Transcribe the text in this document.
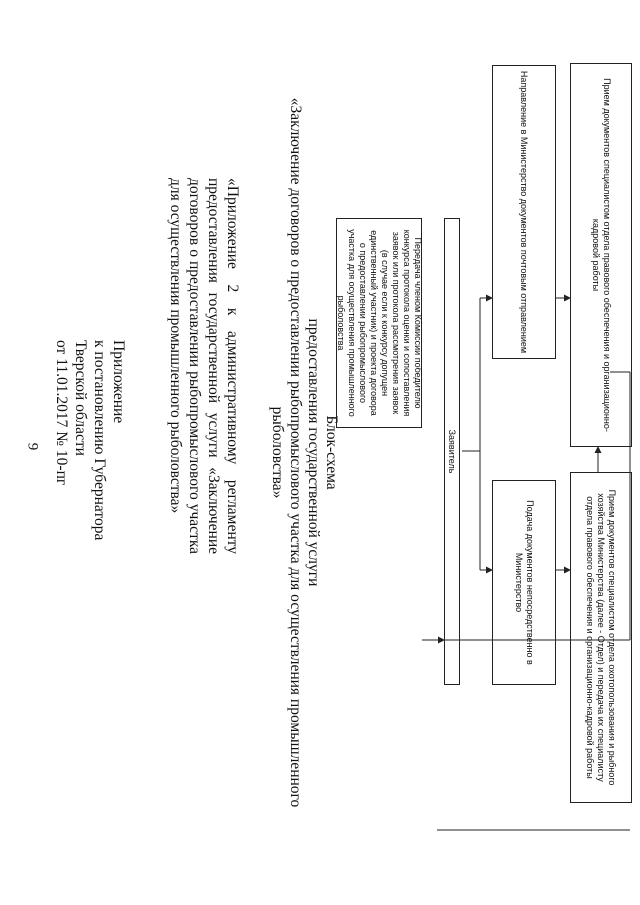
9
Приложение
к постановлению Губернатора
Тверской области
от 11.01.2017 № 10-пг	«Приложение 2 к административному регламенту предоставления государственной услуги «Заключение договоров о предоставлении рыбопромыслового участка для осуществления промышленного рыболовства»	Блок-схема
предоставления государственной услуги
«Заключение договоров о предоставлении рыбопромыслового участка для осуществления промышленного
рыболовства»	Заявитель
Передача членом Комиссии победителю конкурса протокола оценки и сопоставления заявок или протокола рассмотрения заявок (в случае если к конкурсу допущен единственный участник) и проекта договора о предоставлении рыбопромыслового участка для осуществления промышленного рыболовства
Подача документов непосредственно в Министерство
Направление в Министерство документов почтовым отправлением
Прием документов специалистом отдела охотопользования и рыбного хозяйства Министерства (далее - Отдел) и передача их специалисту отдела правового обеспечения и организационно-кадровой работы
Прием документов специалистом отдела правового обеспечения и организационно-кадровой работы
